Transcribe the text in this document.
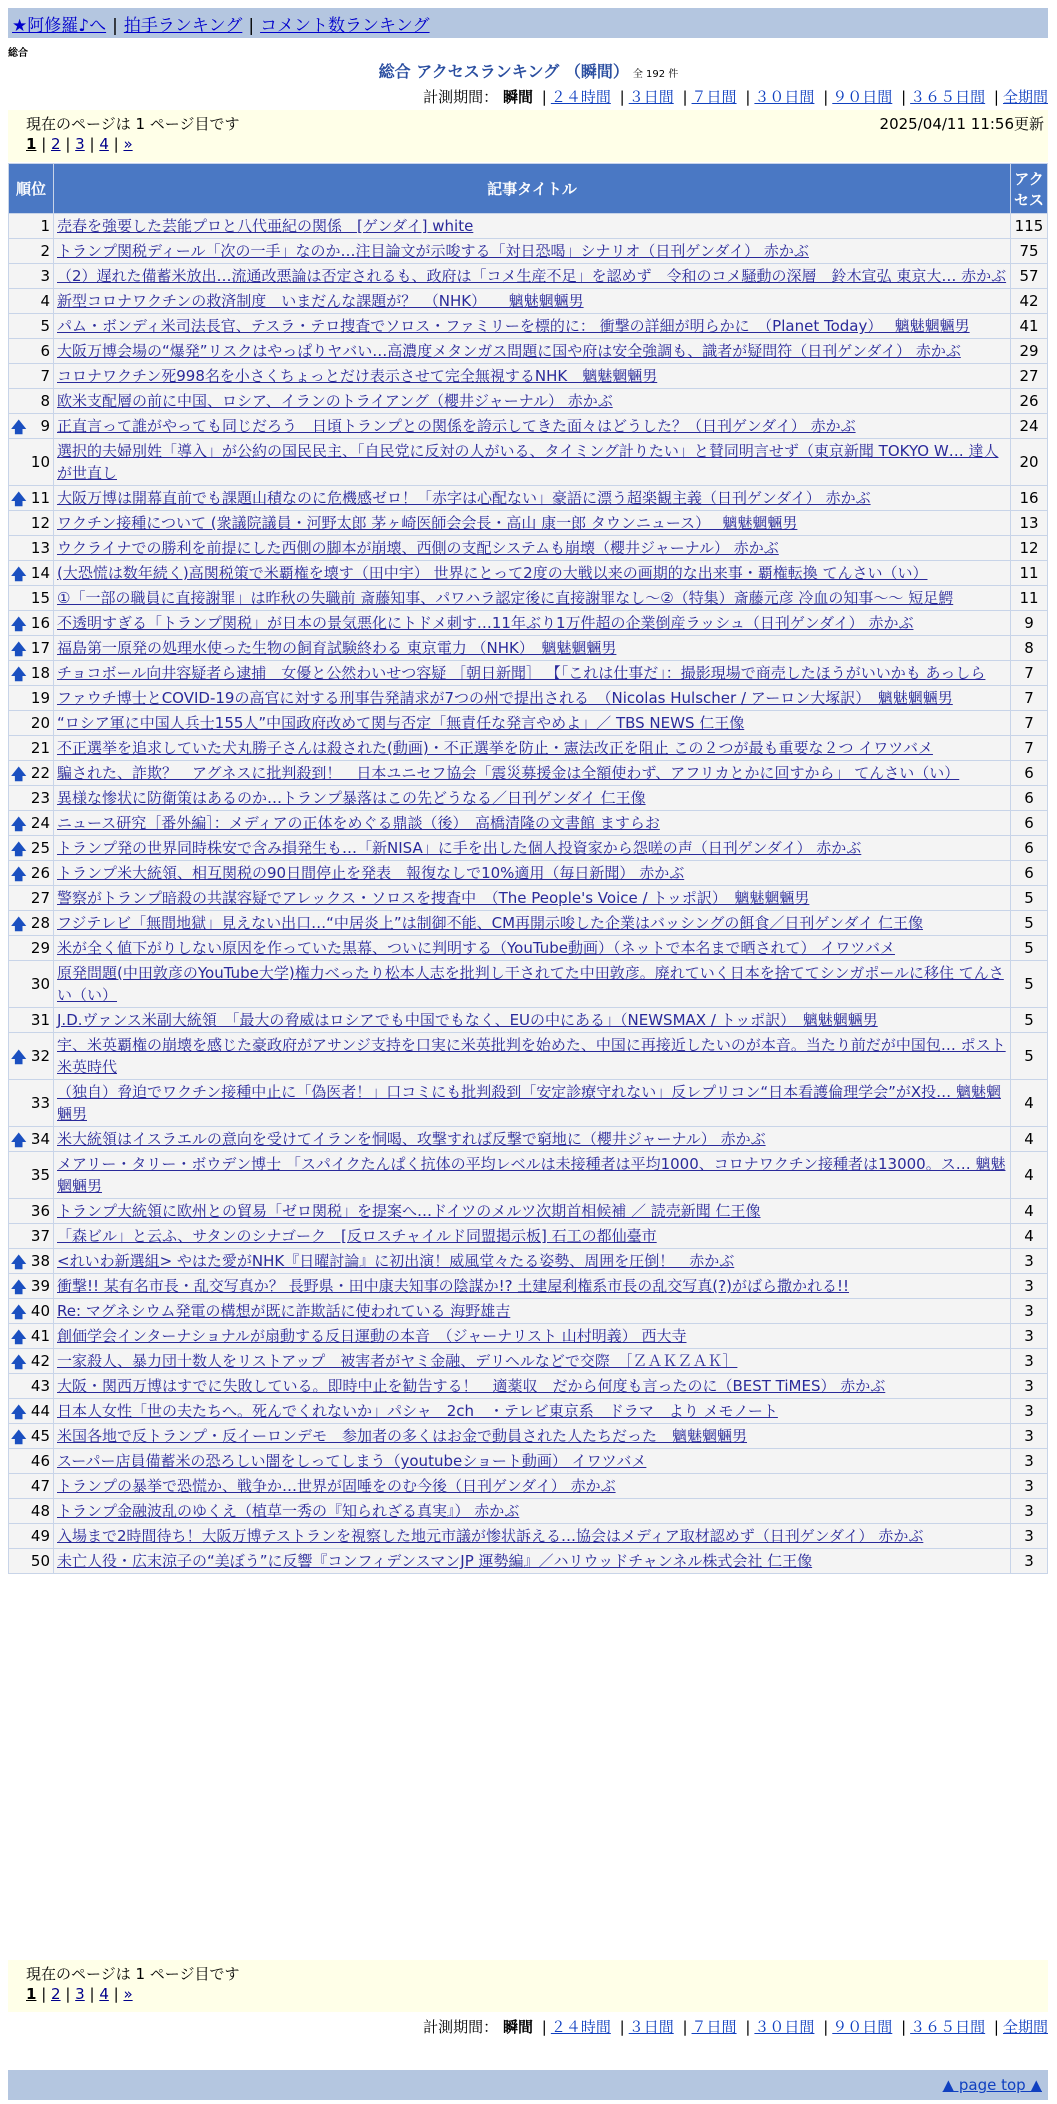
★阿修羅♪へ | 拍手ランキング | コメント数ランキング
総合
総合 アクセスランキング （瞬間） 全 192 件
計測期間： 瞬間 | ２４時間 | ３日間 | ７日間 | ３０日間 | ９０日間 | ３６５日間 | 全期間
現在のページは 1 ページ目です	2025/04/11 11:56更新
1 | 2 | 3 | 4 | »
順位	記事タイトル	アクセス
1	売春を強要した芸能プロと八代亜紀の関係　[ゲンダイ] white	115
2	トランプ関税ディール「次の一手」なのか…注目論文が示唆する「対日恐喝」シナリオ（日刊ゲンダイ） 赤かぶ	75
3	（2）遅れた備蓄米放出…流通改悪論は否定されるも、政府は「コメ生産不足」を認めず　令和のコメ騒動の深層　鈴木宣弘 東京大… 赤かぶ	57
4	新型コロナワクチンの救済制度　いまだんな課題が？　（NHK）　　魑魅魍魎男	42
5	パム・ボンディ米司法長官、テスラ・テロ捜査でソロス・ファミリーを標的に： 衝撃の詳細が明らかに　（Planet Today）　 魑魅魍魎男	41
6	大阪万博会場の“爆発”リスクはやっぱりヤバい…高濃度メタンガス問題に国や府は安全強調も、識者が疑問符（日刊ゲンダイ） 赤かぶ	29
7	コロナワクチン死998名を小さくちょっとだけ表示させて完全無視するNHK　魑魅魍魎男	27
8	欧米支配層の前に中国、ロシア、イランのトライアング（櫻井ジャーナル） 赤かぶ	26

🡅 9	正直言って誰がやっても同じだろう　日頃トランプとの関係を誇示してきた面々はどうした？（日刊ゲンダイ） 赤かぶ	24
10	選択的夫婦別姓「導入」が公約の国民民主、「自民党に反対の人がいる、タイミング計りたい」と賛同明言せず（東京新聞 TOKYO W… 達人が世直し	20

🡅 11	大阪万博は開幕直前でも課題山積なのに危機感ゼロ！「赤字は心配ない」豪語に漂う超楽観主義（日刊ゲンダイ） 赤かぶ	16
12	ワクチン接種について (衆議院議員・河野太郎 茅ヶ崎医師会会長・高山 康一郎 タウンニュース）　 魑魅魍魎男	13
13	ウクライナでの勝利を前提にした西側の脚本が崩壊、西側の支配システムも崩壊（櫻井ジャーナル） 赤かぶ	12

🡅 14	(大恐慌は数年続く)高関税策で米覇権を壊す（田中宇） 世界にとって2度の大戦以来の画期的な出来事・覇権転換 てんさい（い）	11
15	①「一部の職員に直接謝罪」は昨秋の失職前 斎藤知事、パワハラ認定後に直接謝罪なし〜②（特集）斎藤元彦 冷血の知事〜〜 短足鰐	11

🡅 16	不透明すぎる「トランプ関税」が日本の景気悪化にトドメ刺す…11年ぶり1万件超の企業倒産ラッシュ（日刊ゲンダイ） 赤かぶ	9

🡅 17	福島第一原発の処理水使った生物の飼育試験終わる 東京電力 （NHK）　魑魅魍魎男	8

🡅 18	チョコボール向井容疑者ら逮捕　女優と公然わいせつ容疑 ［朝日新聞］ 【「これは仕事だ」：撮影現場で商売したほうがいいかも あっしら	7
19	ファウチ博士とCOVID-19の高官に対する刑事告発請求が7つの州で提出される　（Nicolas Hulscher / アーロン大塚訳）　魑魅魍魎男	7
20	“ロシア軍に中国人兵士155人”中国政府改めて関与否定「無責任な発言やめよ」／ TBS NEWS 仁王像	7
21	不正選挙を追求していた犬丸勝子さんは殺された(動画)・不正選挙を防止・憲法改正を阻止 この２つが最も重要な２つ イワツバメ	7

🡅 22	騙された、詐欺？　アグネスに批判殺到！　日本ユニセフ協会「震災募援金は全額使わず、アフリカとかに回すから」 てんさい（い）	6
23	異様な惨状に防衛策はあるのか…トランプ暴落はこの先どうなる／日刊ゲンダイ 仁王像	6

🡅 24	ニュース研究［番外編］：メディアの正体をめぐる鼎談（後）　高橋清隆の文書館 ますらお	6

🡅 25	トランプ発の世界同時株安で含み損発生も…「新NISA」に手を出した個人投資家から怨嗟の声（日刊ゲンダイ） 赤かぶ	6

🡅 26	トランプ米大統領、相互関税の90日間停止を発表　報復なしで10%適用（毎日新聞） 赤かぶ	6
27	警察がトランプ暗殺の共謀容疑でアレックス・ソロスを捜査中　（The People's Voice / トッポ訳）　魑魅魍魎男	5

🡅 28	フジテレビ「無間地獄」見えない出口…“中居炎上”は制御不能、CM再開示唆した企業はバッシングの餌食／日刊ゲンダイ 仁王像	5
29	米が全く値下がりしない原因を作っていた黒幕、ついに判明する（YouTube動画）（ネットで本名まで晒されて） イワツバメ	5
30	原発問題(中田敦彦のYouTube大学)権力べったり松本人志を批判し干されてた中田敦彦。廃れていく日本を捨ててシンガポールに移住 てんさい（い）	5
31	J.D.ヴァンス米副大統領　「最大の脅威はロシアでも中国でもなく、EUの中にある」（NEWSMAX / トッポ訳）　魑魅魍魎男	5

🡅 32	宇、米英覇権の崩壊を感じた豪政府がアサンジ支持を口実に米英批判を始めた、中国に再接近したいのが本音。当たり前だが中国包… ポスト米英時代	5
33	（独自）脅迫でワクチン接種中止に「偽医者！」口コミにも批判殺到「安定診療守れない」反レプリコン“日本看護倫理学会”がX投… 魑魅魍魎男	4

🡅 34	米大統領はイスラエルの意向を受けてイランを恫喝、攻撃すれば反撃で窮地に（櫻井ジャーナル） 赤かぶ	4
35	メアリー・タリー・ボウデン博士 「スパイクたんぱく抗体の平均レベルは未接種者は平均1000、コロナワクチン接種者は13000。ス… 魑魅魍魎男	4
36	トランプ大統領に欧州との貿易「ゼロ関税」を提案へ…ドイツのメルツ次期首相候補 ／ 読売新聞 仁王像	4
37	「森ビル」と云ふ、サタンのシナゴーク　[反ロスチャイルド同盟掲示板] 石工の都仙臺市	4

🡅 38	<れいわ新選組> やはた愛がNHK『日曜討論』に初出演！威風堂々たる姿勢、周囲を圧倒！　赤かぶ	3

🡅 39	衝撃!! 某有名市長・乱交写真か？ 長野県・田中康夫知事の陰謀か!? 土建屋利権系市長の乱交写真(?)がばら撒かれる!!	3

🡅 40	Re: マグネシウム発電の構想が既に詐欺話に使われている 海野雄吉	3

🡅 41	創価学会インターナショナルが扇動する反日運動の本音　（ジャーナリスト 山村明義） 西大寺	3

🡅 42	一家殺人、暴力団十数人をリストアップ　被害者がヤミ金融、デリヘルなどで交際　［ＺＡＫＺＡＫ］	3
43	大阪・関西万博はすでに失敗している。即時中止を勧告する！　適薬収　だから何度も言ったのに（BEST TiMES） 赤かぶ	3

🡅 44	日本人女性「世の夫たちへ。死んでくれないか」パシャ　2ch　・テレビ東京系　ドラマ　より メモノート	3

🡅 45	米国各地で反トランプ・反イーロンデモ　参加者の多くはお金で動員された人たちだった　魑魅魍魎男	3
46	スーパー店員備蓄米の恐ろしい闇をしってしまう（youtubeショート動画） イワツバメ	3
47	トランプの暴挙で恐慌か、戦争か…世界が固唾をのむ今後（日刊ゲンダイ） 赤かぶ	3
48	トランプ金融波乱のゆくえ（植草一秀の『知られざる真実』） 赤かぶ	3
49	入場まで2時間待ち！大阪万博テストランを視察した地元市議が惨状訴える…協会はメディア取材認めず（日刊ゲンダイ） 赤かぶ	3
50	未亡人役・広末涼子の“美ぼう”に反響『コンフィデンスマンJP 運勢編』／ハリウッドチャンネル株式会社 仁王像	3
現在のページは 1 ページ目です
1 | 2 | 3 | 4 | »
計測期間： 瞬間 | ２４時間 | ３日間 | ７日間 | ３０日間 | ９０日間 | ３６５日間 | 全期間
▲ page top ▲
